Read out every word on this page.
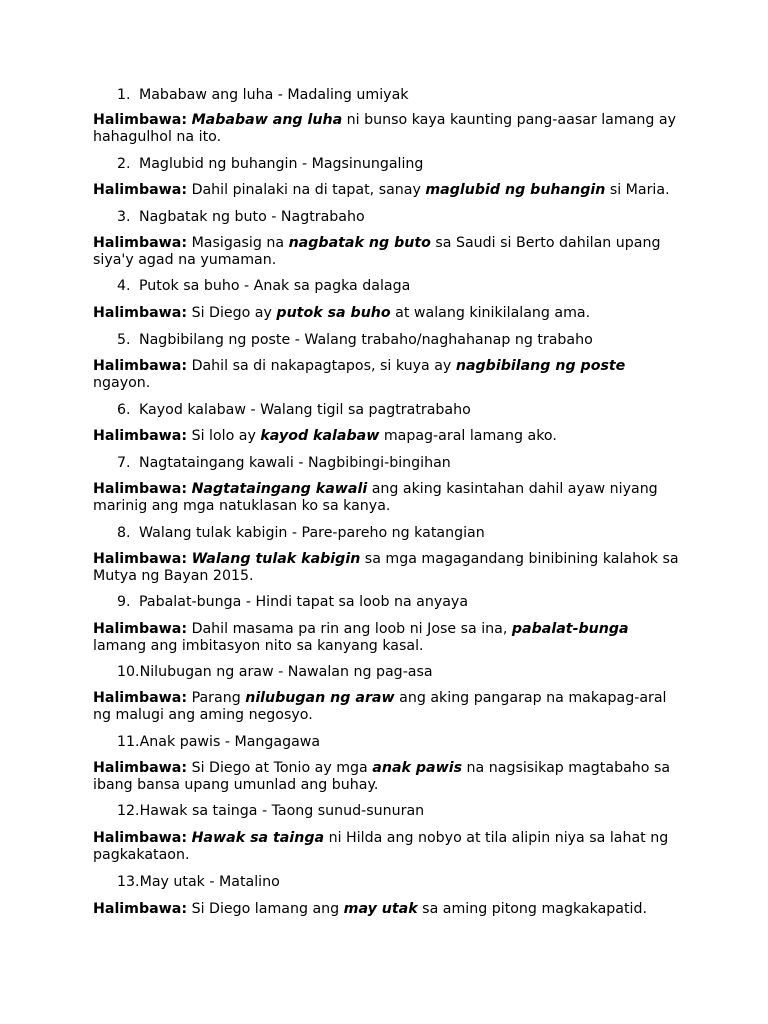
1. Mababaw ang luha - Madaling umiyak
Halimbawa: Mababaw ang luha ni bunso kaya kaunting pang-aasar lamang ay hahagulhol na ito.
2. Maglubid ng buhangin - Magsinungaling
Halimbawa: Dahil pinalaki na di tapat, sanay maglubid ng buhangin si Maria.
3. Nagbatak ng buto - Nagtrabaho
Halimbawa: Masigasig na nagbatak ng buto sa Saudi si Berto dahilan upang siya'y agad na yumaman.
4. Putok sa buho - Anak sa pagka dalaga
Halimbawa: Si Diego ay putok sa buho at walang kinikilalang ama.
5. Nagbibilang ng poste - Walang trabaho/naghahanap ng trabaho
Halimbawa: Dahil sa di nakapagtapos, si kuya ay nagbibilang ng poste ngayon.
6. Kayod kalabaw - Walang tigil sa pagtratrabaho
Halimbawa: Si lolo ay kayod kalabaw mapag-aral lamang ako.
7. Nagtataingang kawali - Nagbibingi-bingihan
Halimbawa: Nagtataingang kawali ang aking kasintahan dahil ayaw niyang marinig ang mga natuklasan ko sa kanya.
8. Walang tulak kabigin - Pare-pareho ng katangian
Halimbawa: Walang tulak kabigin sa mga magagandang binibining kalahok sa Mutya ng Bayan 2015.
9. Pabalat-bunga - Hindi tapat sa loob na anyaya
Halimbawa: Dahil masama pa rin ang loob ni Jose sa ina, pabalat-bunga lamang ang imbitasyon nito sa kanyang kasal.
10.Nilubugan ng araw - Nawalan ng pag-asa
Halimbawa: Parang nilubugan ng araw ang aking pangarap na makapag-aral ng malugi ang aming negosyo.
11.Anak pawis - Mangagawa
Halimbawa: Si Diego at Tonio ay mga anak pawis na nagsisikap magtabaho sa ibang bansa upang umunlad ang buhay.
12.Hawak sa tainga - Taong sunud-sunuran
Halimbawa: Hawak sa tainga ni Hilda ang nobyo at tila alipin niya sa lahat ng pagkakataon.
13.May utak - Matalino
Halimbawa: Si Diego lamang ang may utak sa aming pitong magkakapatid.
